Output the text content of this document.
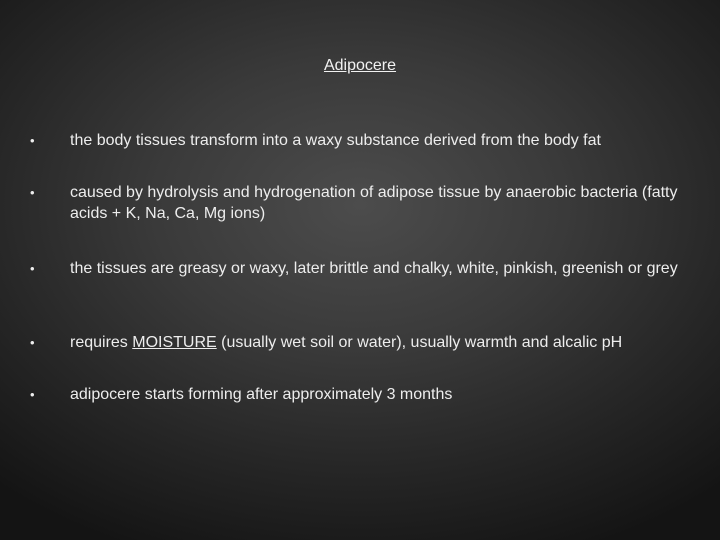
Adipocere
•	the body tissues transform into a waxy substance derived from the body fat
•	caused by hydrolysis and hydrogenation of adipose tissue by anaerobic bacteria (fatty acids + K, Na, Ca, Mg ions)
•	the tissues are greasy or waxy, later brittle and chalky, white, pinkish, greenish or grey
•	requires MOISTURE (usually wet soil or water), usually warmth and alcalic pH
•	adipocere starts forming after approximately 3 months
